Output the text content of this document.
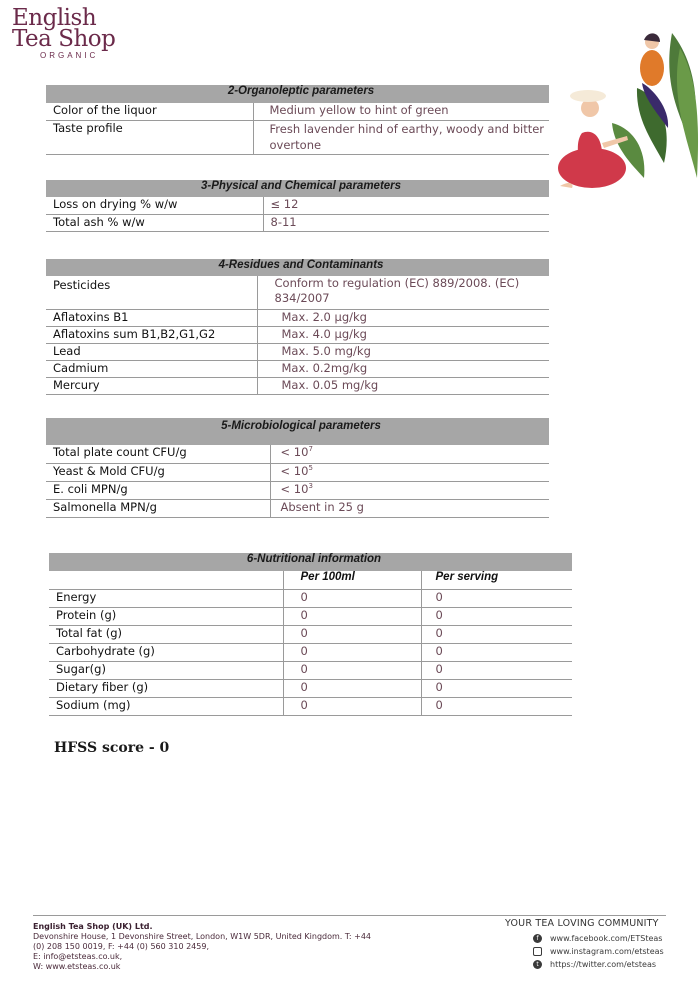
English
Tea Shop
ORGANIC
2-Organoleptic parameters	
Color of the liquor	Medium yellow to hint of green
Taste profile	Fresh lavender hind of earthy, woody and bitter overtone
3-Physical and Chemical parameters	
Loss on drying % w/w	≤ 12
Total ash % w/w	8-11
4-Residues and Contaminants	
Pesticides	Conform to regulation (EC) 889/2008. (EC) 834/2007
Aflatoxins B1	Max. 2.0 µg/kg
Aflatoxins sum B1,B2,G1,G2	Max. 4.0 µg/kg
Lead	Max. 5.0 mg/kg
Cadmium	Max. 0.2mg/kg
Mercury	Max. 0.05 mg/kg
5-Microbiological parameters	
Total plate count CFU/g	< $10^7$
Yeast & Mold CFU/g	< $10^5$
E. coli MPN/g	< $10^3$
Salmonella MPN/g	Absent in 25 g
6-Nutritional information		
	Per 100ml	Per serving
Energy	0	0
Protein (g)	0	0
Total fat (g)	0	0
Carbohydrate (g)	0	0
Sugar(g)	0	0
Dietary fiber (g)	0	0
Sodium (mg)	0	0
HFSS score - 0
English Tea Shop (UK) Ltd.
Devonshire House, 1 Devonshire Street, London, W1W 5DR, United Kingdom. T: +44 (0) 208 150 0019, F: +44 (0) 560 310 2459,
E: info@etsteas.co.uk,
W: www.etsteas.co.uk
YOUR TEA LOVING COMMUNITY
f	www.facebook.com/ETSteas
www.instagram.com/etsteas
t	https://twitter.com/etsteas
